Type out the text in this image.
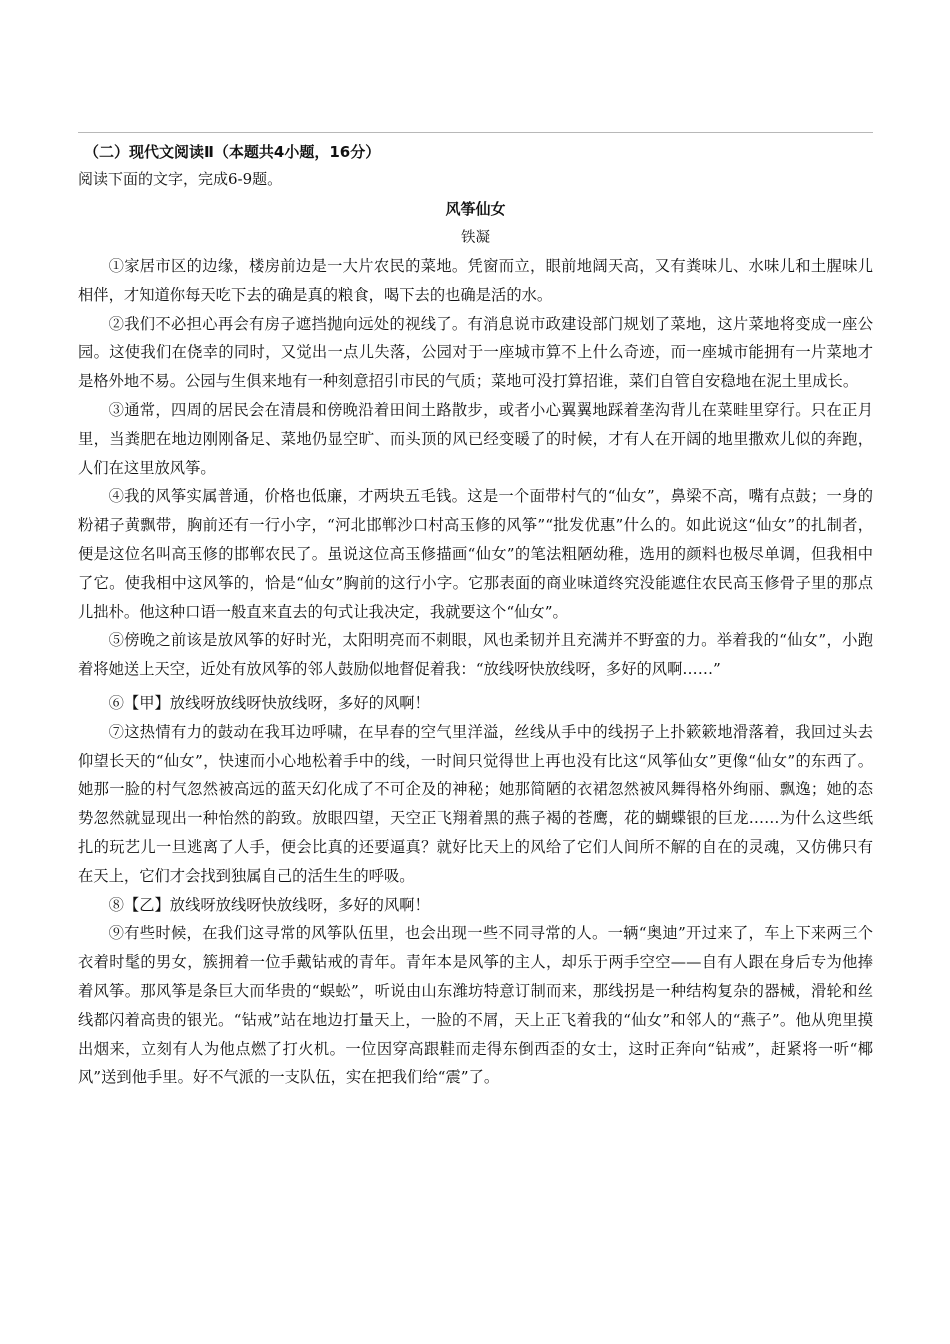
（二）现代文阅读Ⅱ（本题共4小题，16分）

阅读下面的文字，完成6-9题。

风筝仙女

铁凝

①家居市区的边缘，楼房前边是一大片农民的菜地。凭窗而立，眼前地阔天高，又有粪味儿、水味儿和土腥味儿相伴，才知道你每天吃下去的确是真的粮食，喝下去的也确是活的水。

②我们不必担心再会有房子遮挡抛向远处的视线了。有消息说市政建设部门规划了菜地，这片菜地将变成一座公园。这使我们在侥幸的同时，又觉出一点儿失落，公园对于一座城市算不上什么奇迹，而一座城市能拥有一片菜地才是格外地不易。公园与生俱来地有一种刻意招引市民的气质；菜地可没打算招谁，菜们自管自安稳地在泥土里成长。

③通常，四周的居民会在清晨和傍晚沿着田间土路散步，或者小心翼翼地踩着垄沟背儿在菜畦里穿行。只在正月里，当粪肥在地边刚刚备足、菜地仍显空旷、而头顶的风已经变暖了的时候，才有人在开阔的地里撒欢儿似的奔跑，人们在这里放风筝。

④我的风筝实属普通，价格也低廉，才两块五毛钱。这是一个面带村气的“仙女”，鼻梁不高，嘴有点鼓；一身的粉裙子黄飘带，胸前还有一行小字，“河北邯郸沙口村高玉修的风筝”“批发优惠”什么的。如此说这“仙女”的扎制者，便是这位名叫高玉修的邯郸农民了。虽说这位高玉修描画“仙女”的笔法粗陋幼稚，选用的颜料也极尽单调，但我相中了它。使我相中这风筝的，恰是“仙女”胸前的这行小字。它那表面的商业味道终究没能遮住农民高玉修骨子里的那点儿拙朴。他这种口语一般直来直去的句式让我决定，我就要这个“仙女”。

⑤傍晚之前该是放风筝的好时光，太阳明亮而不刺眼，风也柔韧并且充满并不野蛮的力。举着我的“仙女”，小跑着将她送上天空，近处有放风筝的邻人鼓励似地督促着我：“放线呀快放线呀，多好的风啊……”

⑥【甲】放线呀放线呀快放线呀，多好的风啊！

⑦这热情有力的鼓动在我耳边呼啸，在早春的空气里洋溢，丝线从手中的线拐子上扑簌簌地滑落着，我回过头去仰望长天的“仙女”，快速而小心地松着手中的线，一时间只觉得世上再也没有比这“风筝仙女”更像“仙女”的东西了。她那一脸的村气忽然被高远的蓝天幻化成了不可企及的神秘；她那简陋的衣裙忽然被风舞得格外绚丽、飘逸；她的态势忽然就显现出一种怡然的韵致。放眼四望，天空正飞翔着黑的燕子褐的苍鹰，花的蝴蝶银的巨龙……为什么这些纸扎的玩艺儿一旦逃离了人手，便会比真的还要逼真？就好比天上的风给了它们人间所不解的自在的灵魂，又仿佛只有在天上，它们才会找到独属自己的活生生的呼吸。

⑧【乙】放线呀放线呀快放线呀，多好的风啊！

⑨有些时候，在我们这寻常的风筝队伍里，也会出现一些不同寻常的人。一辆“奥迪”开过来了，车上下来两三个衣着时髦的男女，簇拥着一位手戴钻戒的青年。青年本是风筝的主人，却乐于两手空空——自有人跟在身后专为他捧着风筝。那风筝是条巨大而华贵的“蜈蚣”，听说由山东潍坊特意订制而来，那线拐是一种结构复杂的器械，滑轮和丝线都闪着高贵的银光。“钻戒”站在地边打量天上，一脸的不屑，天上正飞着我的“仙女”和邻人的“燕子”。他从兜里摸出烟来，立刻有人为他点燃了打火机。一位因穿高跟鞋而走得东倒西歪的女士，这时正奔向“钻戒”，赶紧将一听“椰风”送到他手里。好不气派的一支队伍，实在把我们给“震”了。
